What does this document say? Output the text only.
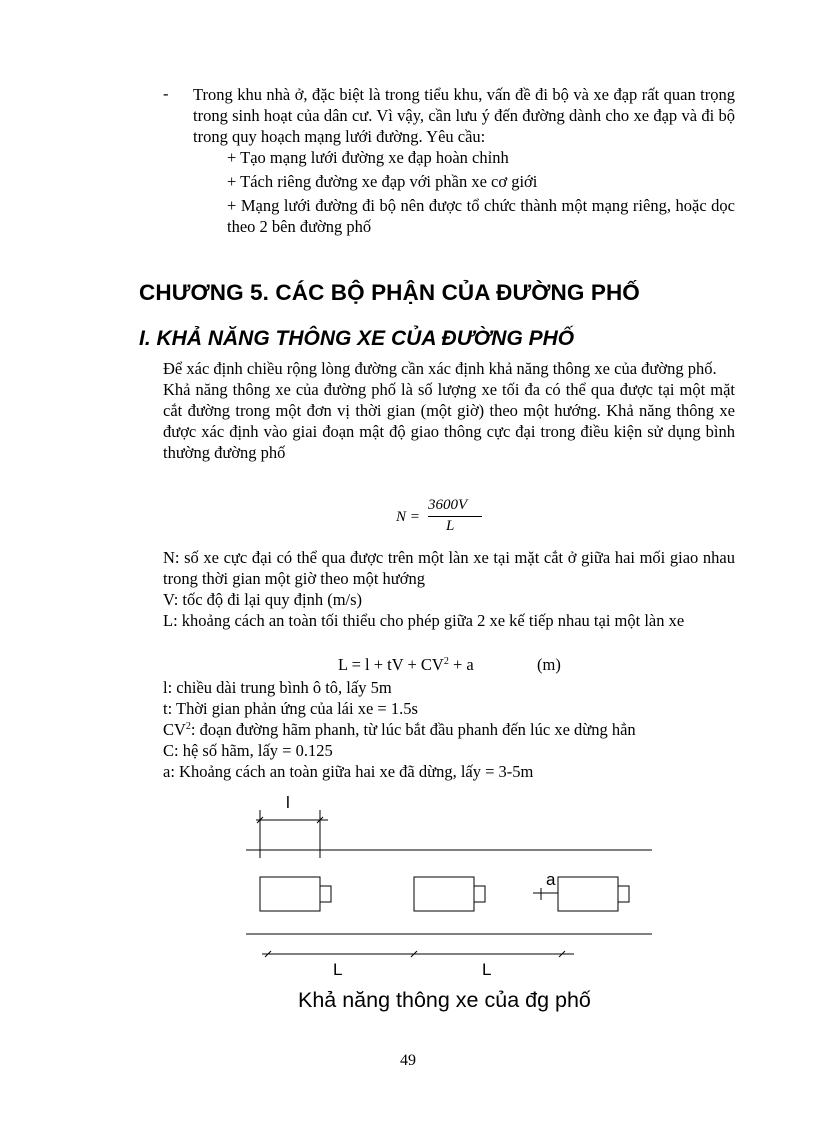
-	Trong khu nhà ở, đặc biệt là trong tiểu khu, vấn đề đi bộ và xe đạp rất quan trọng trong sinh hoạt của dân cư. Vì vậy, cần lưu ý đến đường dành cho xe đạp và đi bộ trong quy hoạch mạng lưới đường. Yêu cầu:
+ Tạo mạng lưới đường xe đạp hoàn chỉnh
+ Tách riêng đường xe đạp với phần xe cơ giới
+ Mạng lưới đường đi bộ nên được tổ chức thành một mạng riêng, hoặc dọc theo 2 bên đường phố
CHƯƠNG 5. CÁC BỘ PHẬN CỦA ĐƯỜNG PHỐ
I. KHẢ NĂNG THÔNG XE CỦA ĐƯỜNG PHỐ
Để xác định chiều rộng lòng đường cần xác định khả năng thông xe của đường phố.
Khả năng thông xe của đường phố là số lượng xe tối đa có thể qua được tại một mặt cắt đường trong một đơn vị thời gian (một giờ) theo một hướng. Khả năng thông xe được xác định vào giai đoạn mật độ giao thông cực đại trong điều kiện sử dụng bình thường đường phố
N =
3600V
L
N: số xe cực đại có thể qua được trên một làn xe tại mặt cắt ở giữa hai mối giao nhau trong thời gian một giờ theo một hướng
V: tốc độ đi lại quy định (m/s)
L: khoảng cách an toàn tối thiểu cho phép giữa 2 xe kế tiếp nhau tại một làn xe
L = l + tV + $CV^2 + a$	(m)
l: chiều dài trung bình ô tô, lấy 5m
t: Thời gian phản ứng của lái xe = 1.5s
$CV^2$: đoạn đường hãm phanh, từ lúc bắt đầu phanh đến lúc xe dừng hẳn
C: hệ số hãm, lấy = 0.125
a: Khoảng cách an toàn giữa hai xe đã dừng, lấy = 3-5m
l
a
L	L
Khả năng thông xe của đg phố
49
